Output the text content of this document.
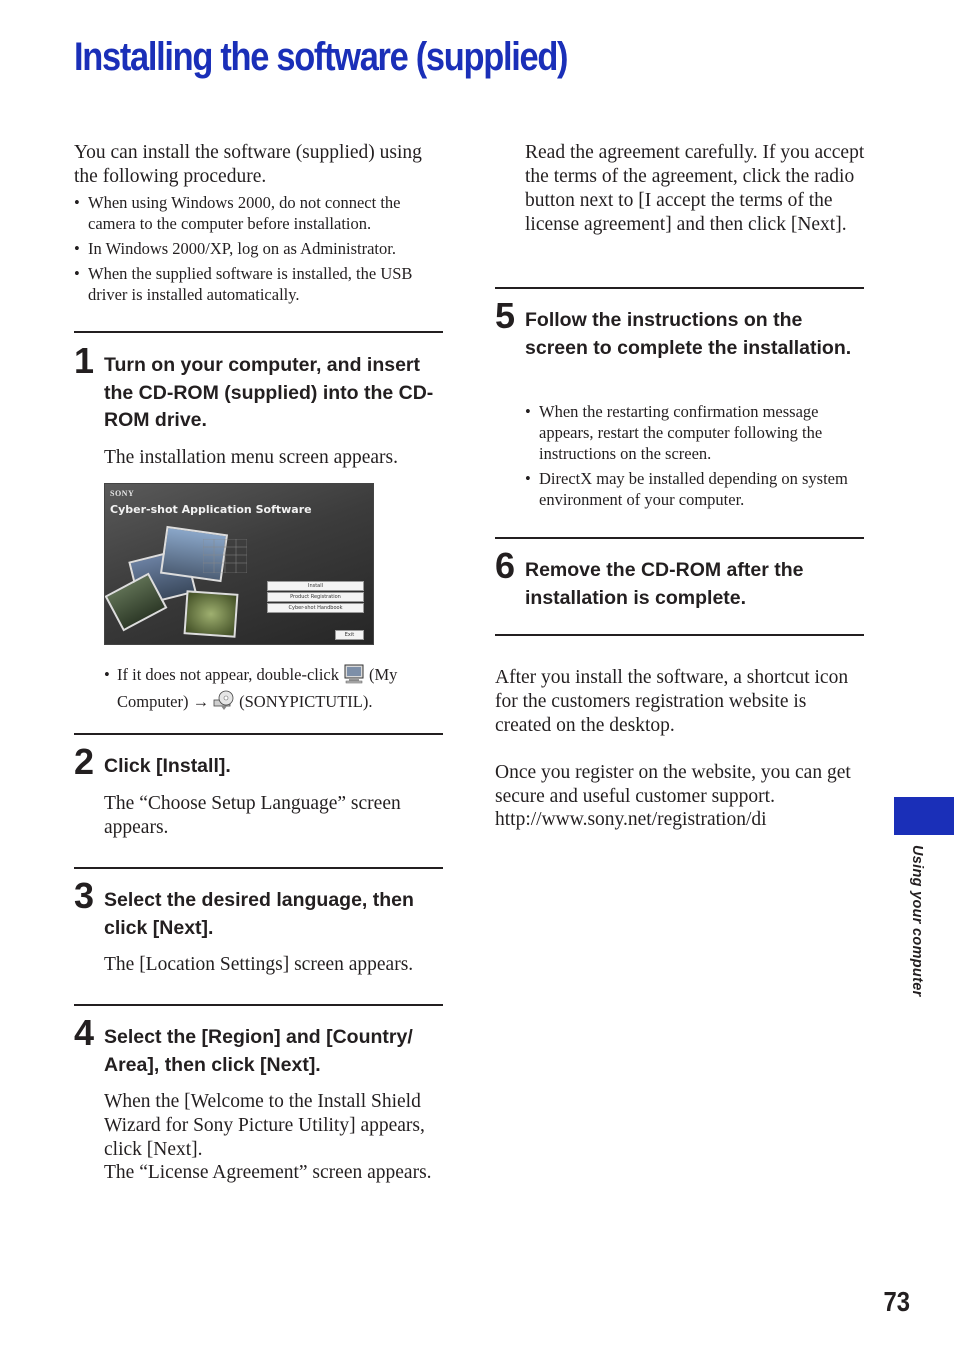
Installing the software (supplied)

You can install the software (supplied) using the following procedure.

• When using Windows 2000, do not connect the camera to the computer before installation.
• In Windows 2000/XP, log on as Administrator.
• When the supplied software is installed, the USB driver is installed automatically.
1 Turn on your computer, and insert the CD-ROM (supplied) into the CD-ROM drive.

The installation menu screen appears.

SONY
Cyber-shot Application Software
Install
Product Registration
Cyber-shot Handbook
Exit
• If it does not appear, double-click (My Computer) → (SONYPICTUTIL).
2 Click [Install].

The “Choose Setup Language” screen appears.

3 Select the desired language, then click [Next].

The [Location Settings] screen appears.

4 Select the [Region] and [Country/ Area], then click [Next].

When the [Welcome to the Install Shield Wizard for Sony Picture Utility] appears, click [Next].

The “License Agreement” screen appears.

Read the agreement carefully. If you accept the terms of the agreement, click the radio button next to [I accept the terms of the license agreement] and then click [Next].

5 Follow the instructions on the screen to complete the installation.
• When the restarting confirmation message appears, restart the computer following the instructions on the screen.
• DirectX may be installed depending on system environment of your computer.
6 Remove the CD-ROM after the installation is complete.

After you install the software, a shortcut icon for the customers registration website is created on the desktop.

Once you register on the website, you can get secure and useful customer support.

http://www.sony.net/registration/di

Using your computer
73
